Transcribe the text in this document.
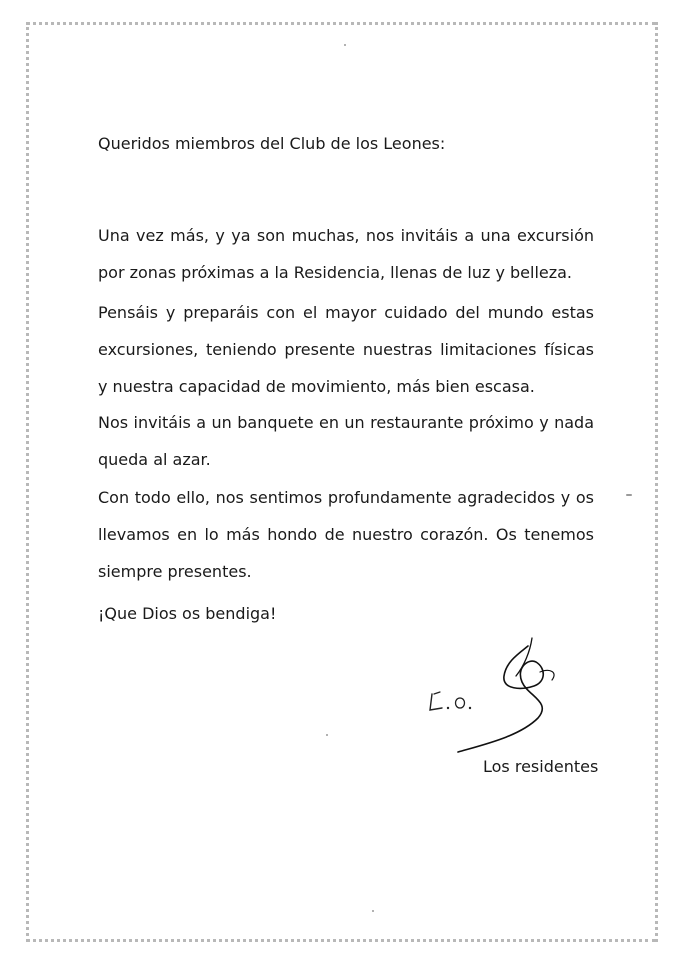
Queridos miembros del Club de los Leones:

Una vez más, y ya son muchas, nos invitáis a una excursión por zonas próximas a la Residencia, llenas de luz y belleza.

Pensáis y preparáis con el mayor cuidado del mundo estas excursiones, teniendo presente nuestras limitaciones físicas y nuestra capacidad de movimiento, más bien escasa.

Nos invitáis a un banquete en un restaurante próximo y nada queda al azar.

Con todo ello, nos sentimos profundamente agradecidos y os llevamos en lo más hondo de nuestro corazón. Os tenemos siempre presentes.

¡Que Dios os bendiga!

Los residentes
